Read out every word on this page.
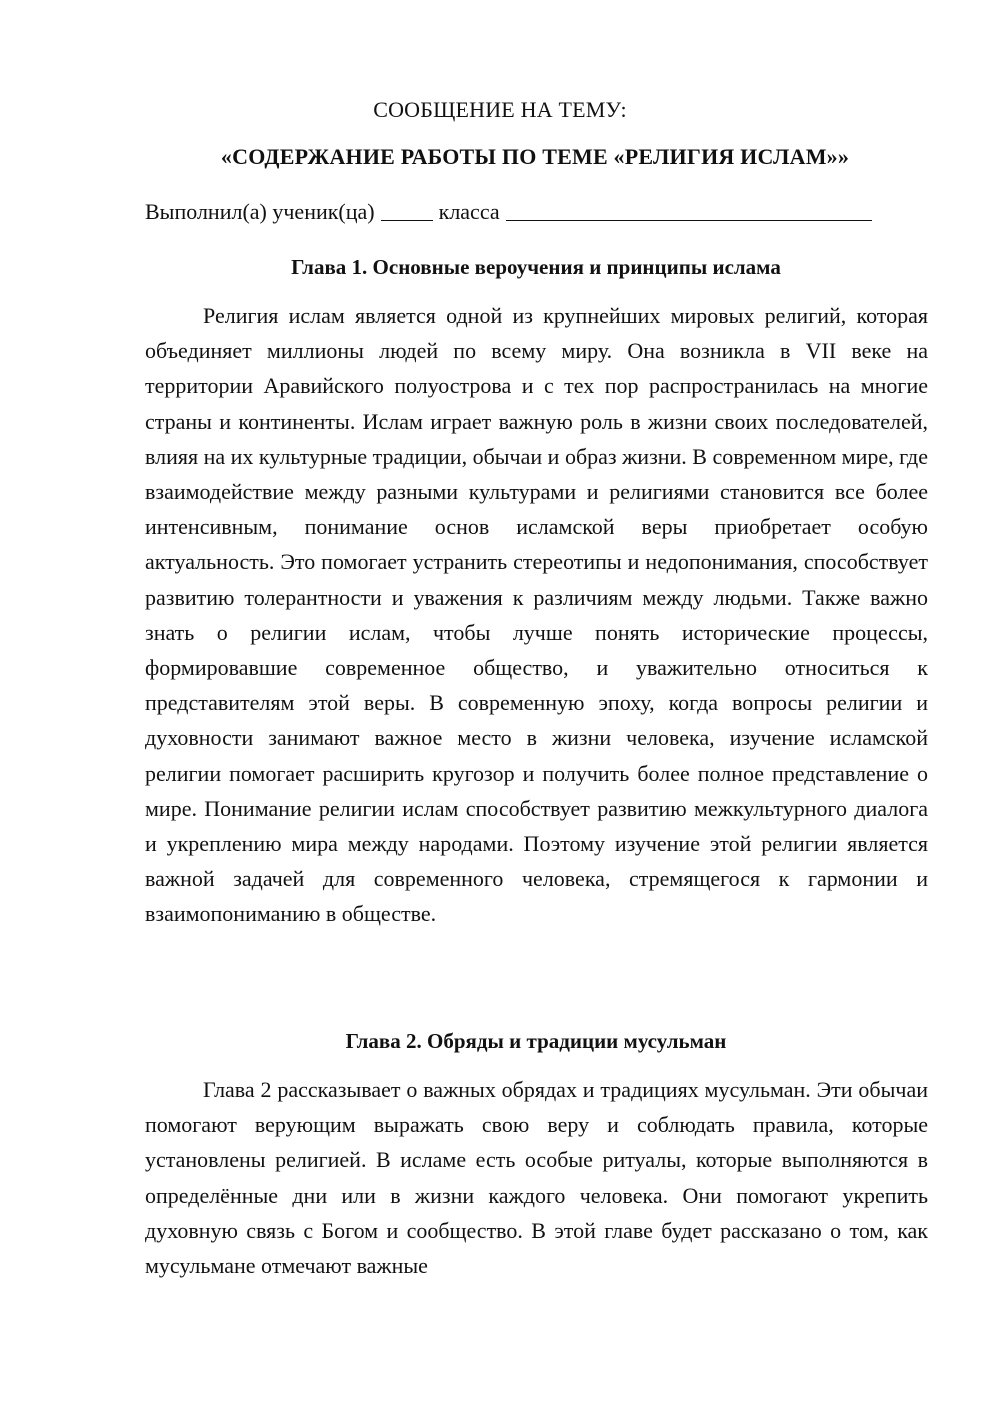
СООБЩЕНИЕ НА ТЕМУ:
«СОДЕРЖАНИЕ РАБОТЫ ПО ТЕМЕ «РЕЛИГИЯ ИСЛАМ»»
Выполнил(а) ученик(ца)	класса
Глава 1. Основные вероучения и принципы ислама

Религия ислам является одной из крупнейших мировых религий, которая объединяет миллионы людей по всему миру. Она возникла в VII веке на территории Аравийского полуострова и с тех пор распространилась на многие страны и континенты. Ислам играет важную роль в жизни своих последователей, влияя на их культурные традиции, обычаи и образ жизни. В современном мире, где взаимодействие между разными культурами и религиями становится все более интенсивным, понимание основ исламской веры приобретает особую актуальность. Это помогает устранить стереотипы и недопонимания, способствует развитию толерантности и уважения к различиям между людьми. Также важно знать о религии ислам, чтобы лучше понять исторические процессы, формировавшие современное общество, и уважительно относиться к представителям этой веры. В современную эпоху, когда вопросы религии и духовности занимают важное место в жизни человека, изучение исламской религии помогает расширить кругозор и получить более полное представление о мире. Понимание религии ислам способствует развитию межкультурного диалога и укреплению мира между народами. Поэтому изучение этой религии является важной задачей для современного человека, стремящегося к гармонии и взаимопониманию в обществе.

Глава 2. Обряды и традиции мусульман

Глава 2 рассказывает о важных обрядах и традициях мусульман. Эти обычаи помогают верующим выражать свою веру и соблюдать правила, которые установлены религией. В исламе есть особые ритуалы, которые выполняются в определённые дни или в жизни каждого человека. Они помогают укрепить духовную связь с Богом и сообщество. В этой главе будет рассказано о том, как мусульмане отмечают важные
